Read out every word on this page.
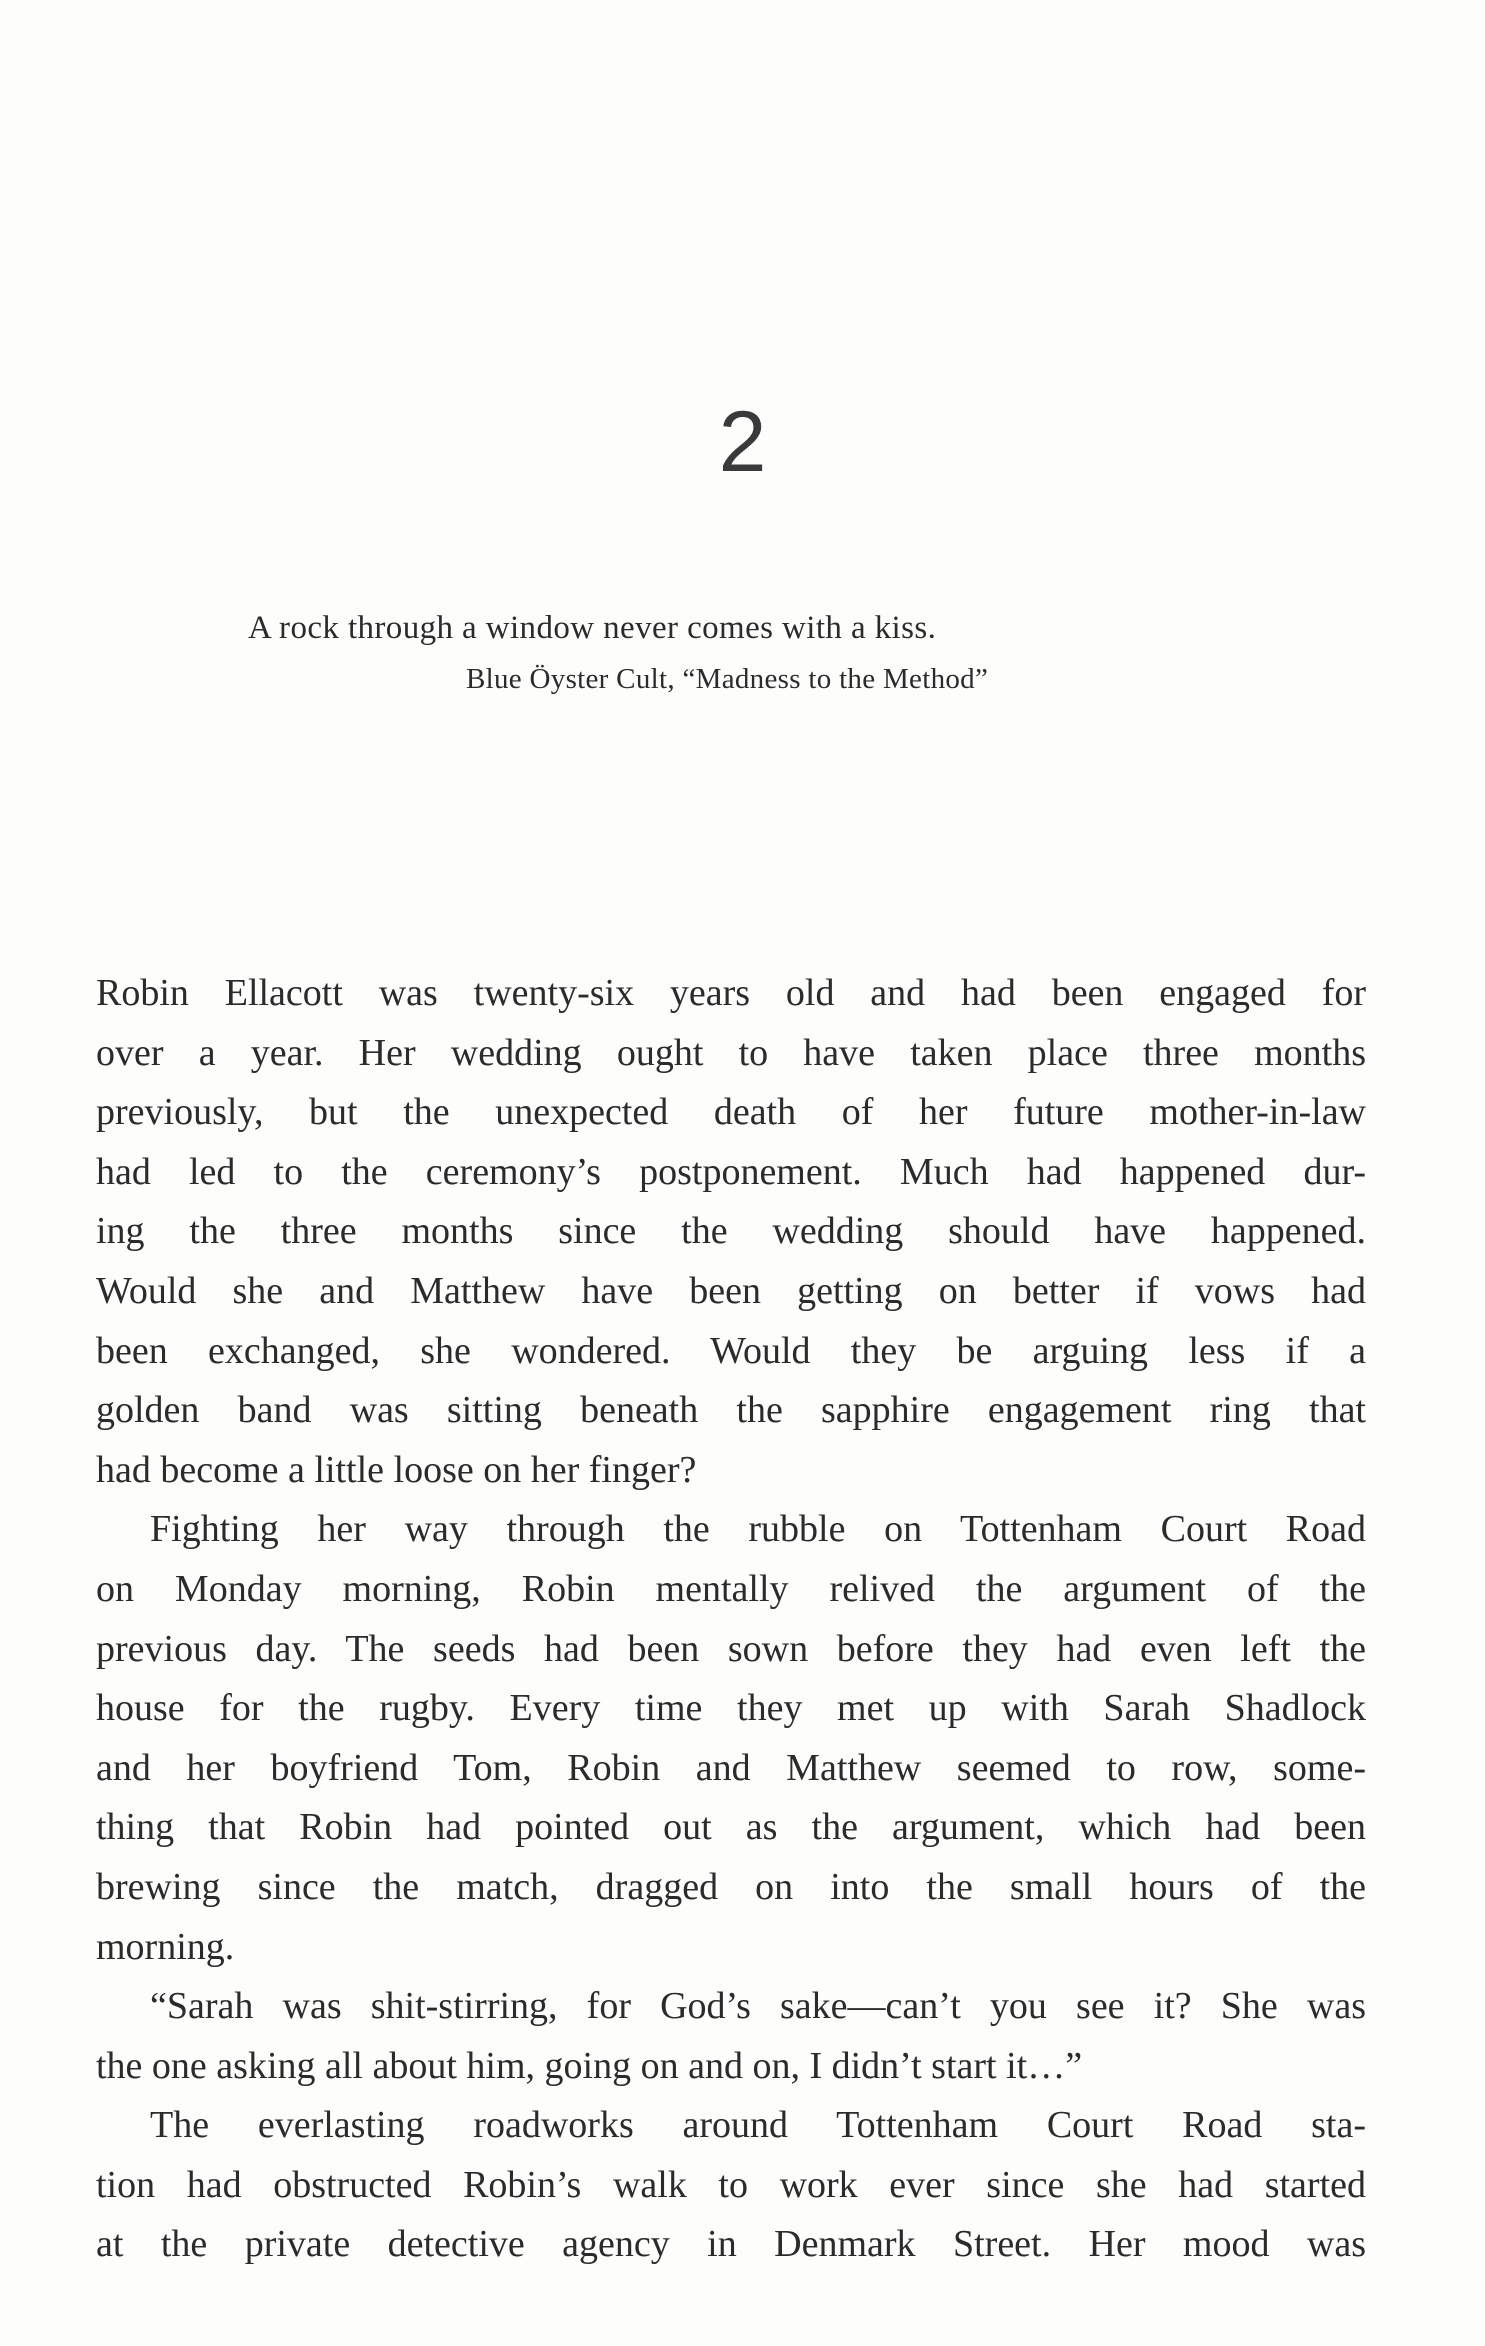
2

A rock through a window never comes with a kiss.

Blue Öyster Cult, “Madness to the Method”

Robin Ellacott was twenty-six years old and had been engaged for
over a year. Her wedding ought to have taken place three months
previously, but the unexpected death of her future mother-in-law
had led to the ceremony’s postponement. Much had happened dur-
ing the three months since the wedding should have happened.
Would she and Matthew have been getting on better if vows had
been exchanged, she wondered. Would they be arguing less if a
golden band was sitting beneath the sapphire engagement ring that
had become a little loose on her finger?
Fighting her way through the rubble on Tottenham Court Road
on Monday morning, Robin mentally relived the argument of the
previous day. The seeds had been sown before they had even left the
house for the rugby. Every time they met up with Sarah Shadlock
and her boyfriend Tom, Robin and Matthew seemed to row, some-
thing that Robin had pointed out as the argument, which had been
brewing since the match, dragged on into the small hours of the
morning.
“Sarah was shit-stirring, for God’s sake—can’t you see it? She was
the one asking all about him, going on and on, I didn’t start it…”
The everlasting roadworks around Tottenham Court Road sta-
tion had obstructed Robin’s walk to work ever since she had started
at the private detective agency in Denmark Street. Her mood was
